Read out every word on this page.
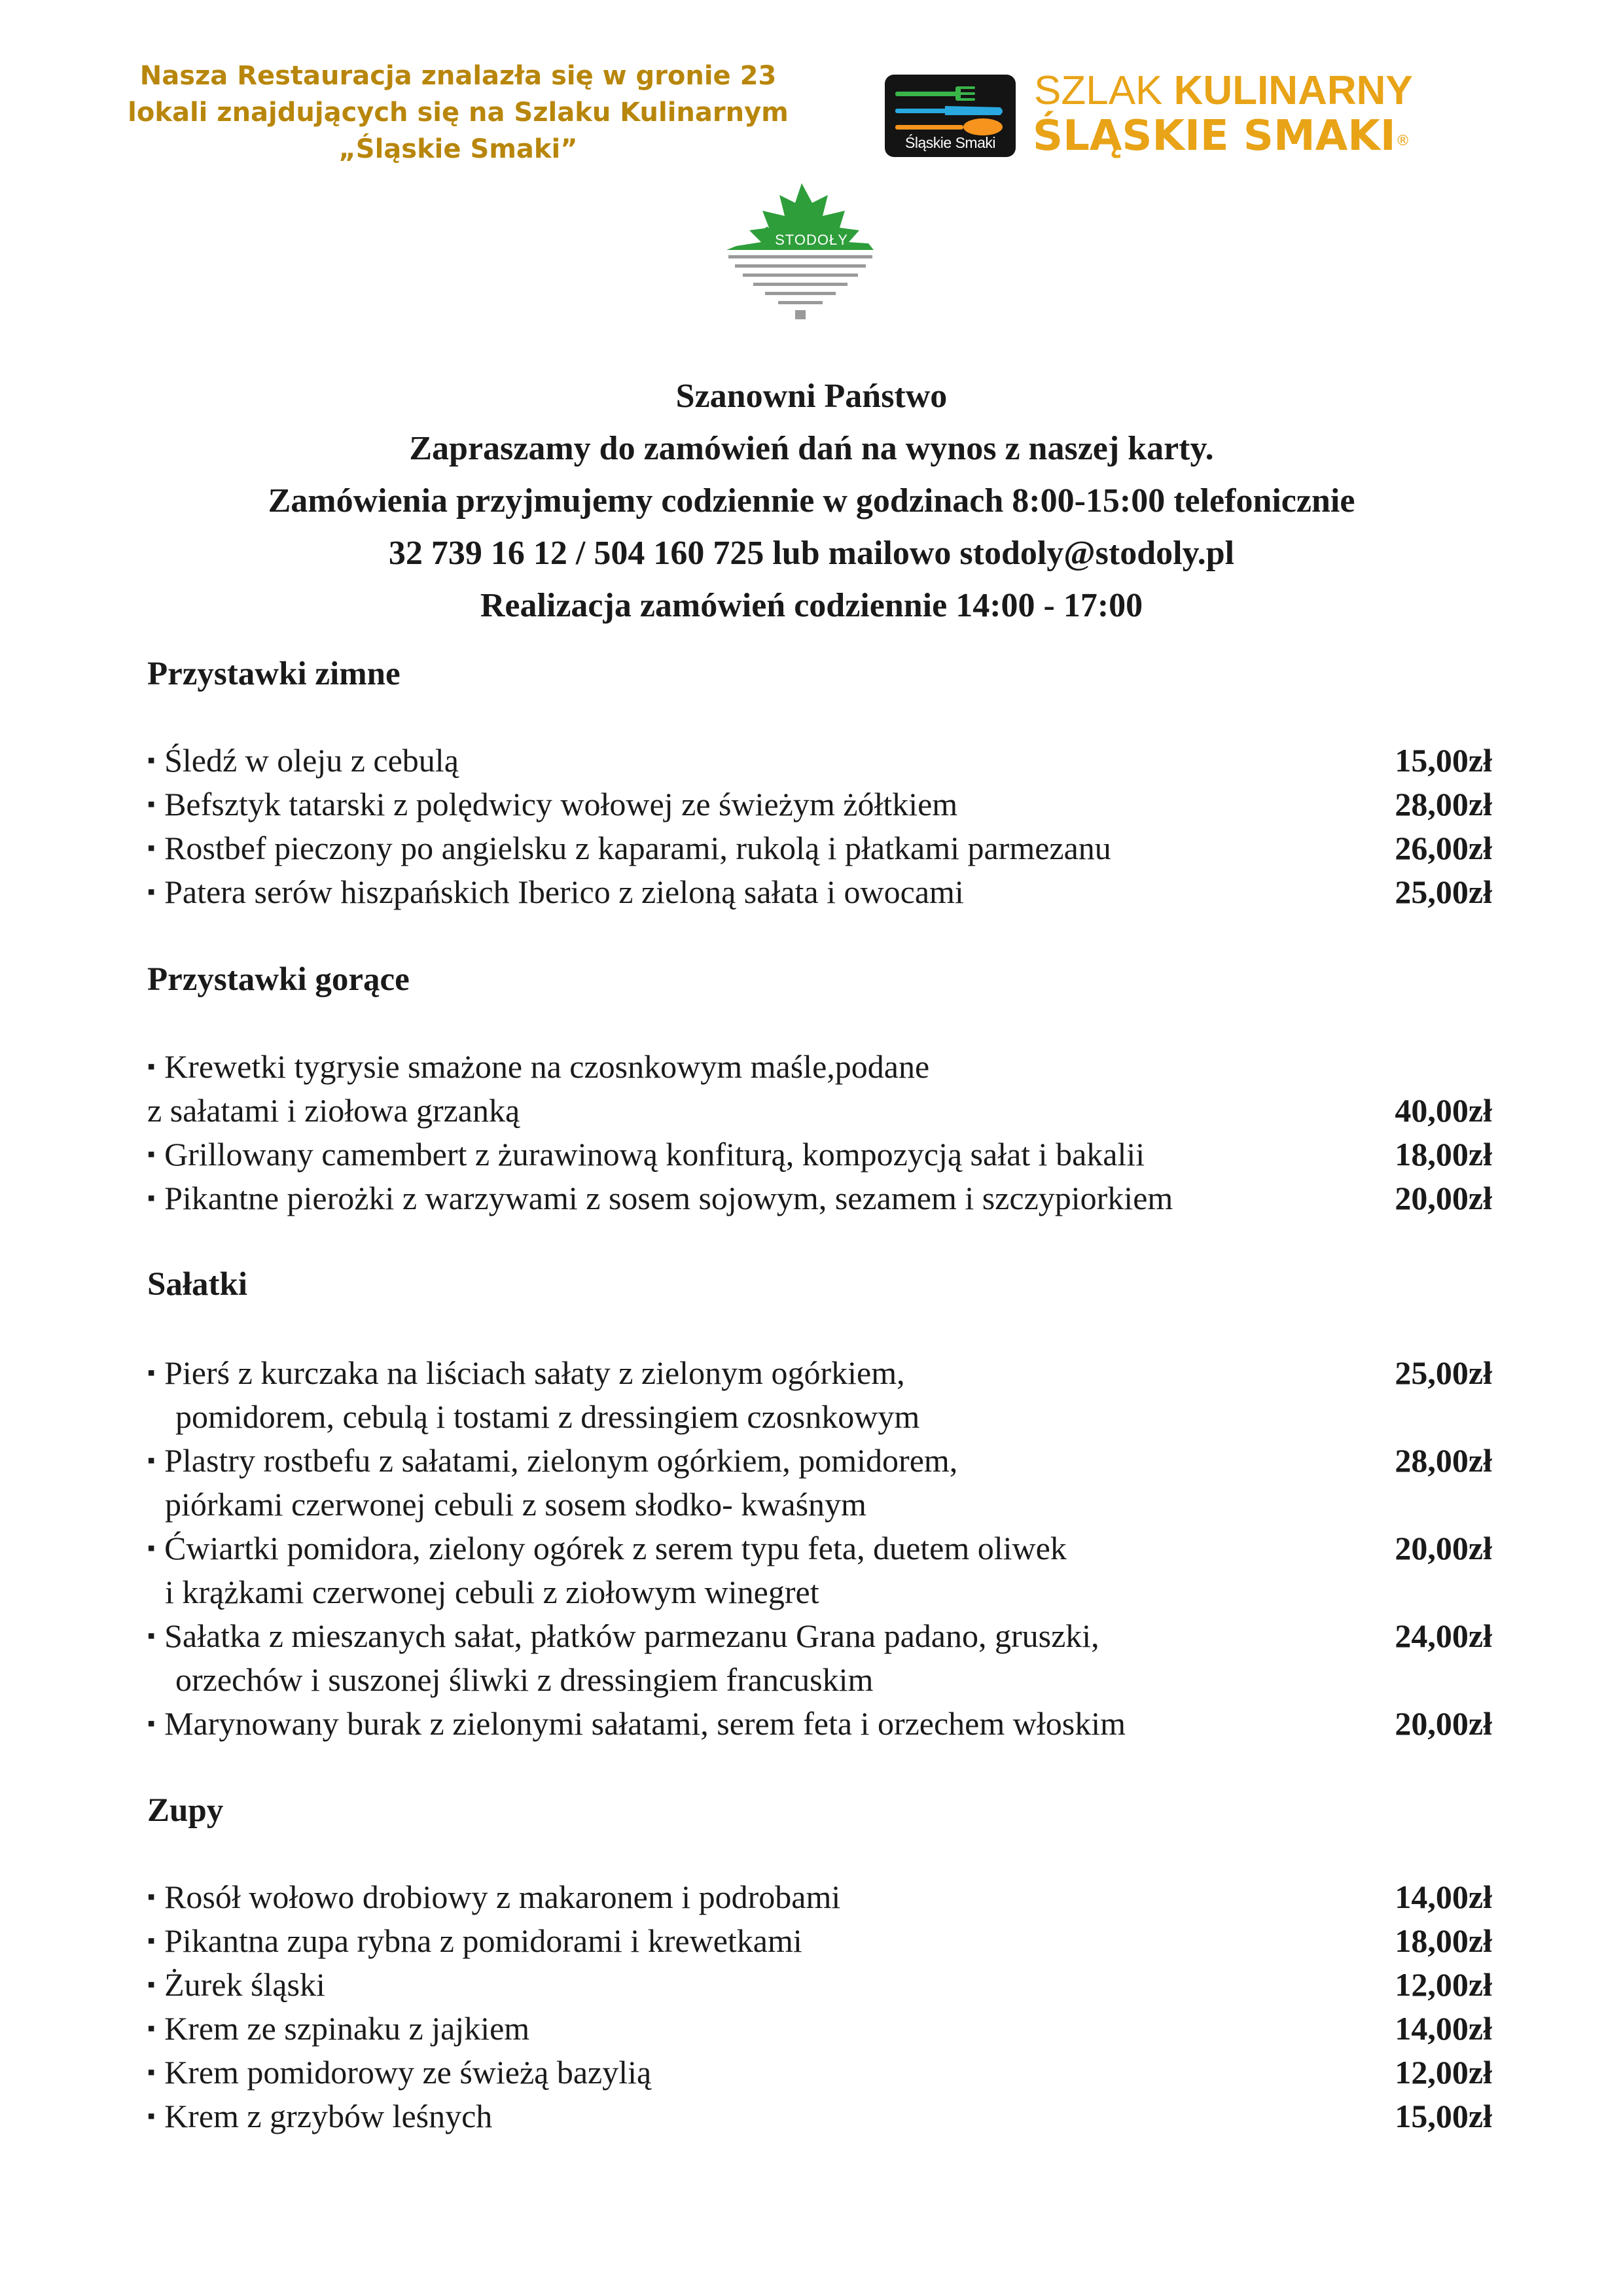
Nasza Restauracja znalazła się w gronie 23
lokali znajdujących się na Szlaku Kulinarnym
„Śląskie Smaki”	Śląskie Smaki
SZLAK KULINARNY
ŚLĄSKIE SMAKI®
STODOŁY
Szanowni Państwo
Zapraszamy do zamówień dań na wynos z naszej karty.
Zamówienia przyjmujemy codziennie w godzinach 8:00-15:00 telefonicznie
32 739 16 12 / 504 160 725 lub mailowo stodoly@stodoly.pl
Realizacja zamówień codziennie 14:00 - 17:00
Przystawki zimne
▪ Śledź w oleju z cebulą	15,00zł
▪ Befsztyk tatarski z polędwicy wołowej ze świeżym żółtkiem	28,00zł
▪ Rostbef pieczony po angielsku z kaparami, rukolą i płatkami parmezanu	26,00zł
▪ Patera serów hiszpańskich Iberico z zieloną sałata i owocami	25,00zł
Przystawki gorące
▪ Krewetki tygrysie smażone na czosnkowym maśle,podane
z sałatami i ziołowa grzanką	40,00zł
▪ Grillowany camembert z żurawinową konfiturą, kompozycją sałat i bakalii	18,00zł
▪ Pikantne pierożki z warzywami z sosem sojowym, sezamem i szczypiorkiem	20,00zł
Sałatki
▪ Pierś z kurczaka na liściach sałaty z zielonym ogórkiem,
pomidorem, cebulą i tostami z dressingiem czosnkowym
25,00zł
▪ Plastry rostbefu z sałatami, zielonym ogórkiem, pomidorem,
piórkami czerwonej cebuli z sosem słodko- kwaśnym
28,00zł
▪ Ćwiartki pomidora, zielony ogórek z serem typu feta, duetem oliwek
i krążkami czerwonej cebuli z ziołowym winegret
20,00zł
▪ Sałatka z mieszanych sałat, płatków parmezanu Grana padano, gruszki,
orzechów i suszonej śliwki z dressingiem francuskim
24,00zł
▪ Marynowany burak z zielonymi sałatami, serem feta i orzechem włoskim	20,00zł
Zupy
▪ Rosół wołowo drobiowy z makaronem i podrobami	14,00zł
▪ Pikantna zupa rybna z pomidorami i krewetkami	18,00zł
▪ Żurek śląski	12,00zł
▪ Krem ze szpinaku z jajkiem	14,00zł
▪ Krem pomidorowy ze świeżą bazylią	12,00zł
▪ Krem z grzybów leśnych	15,00zł
